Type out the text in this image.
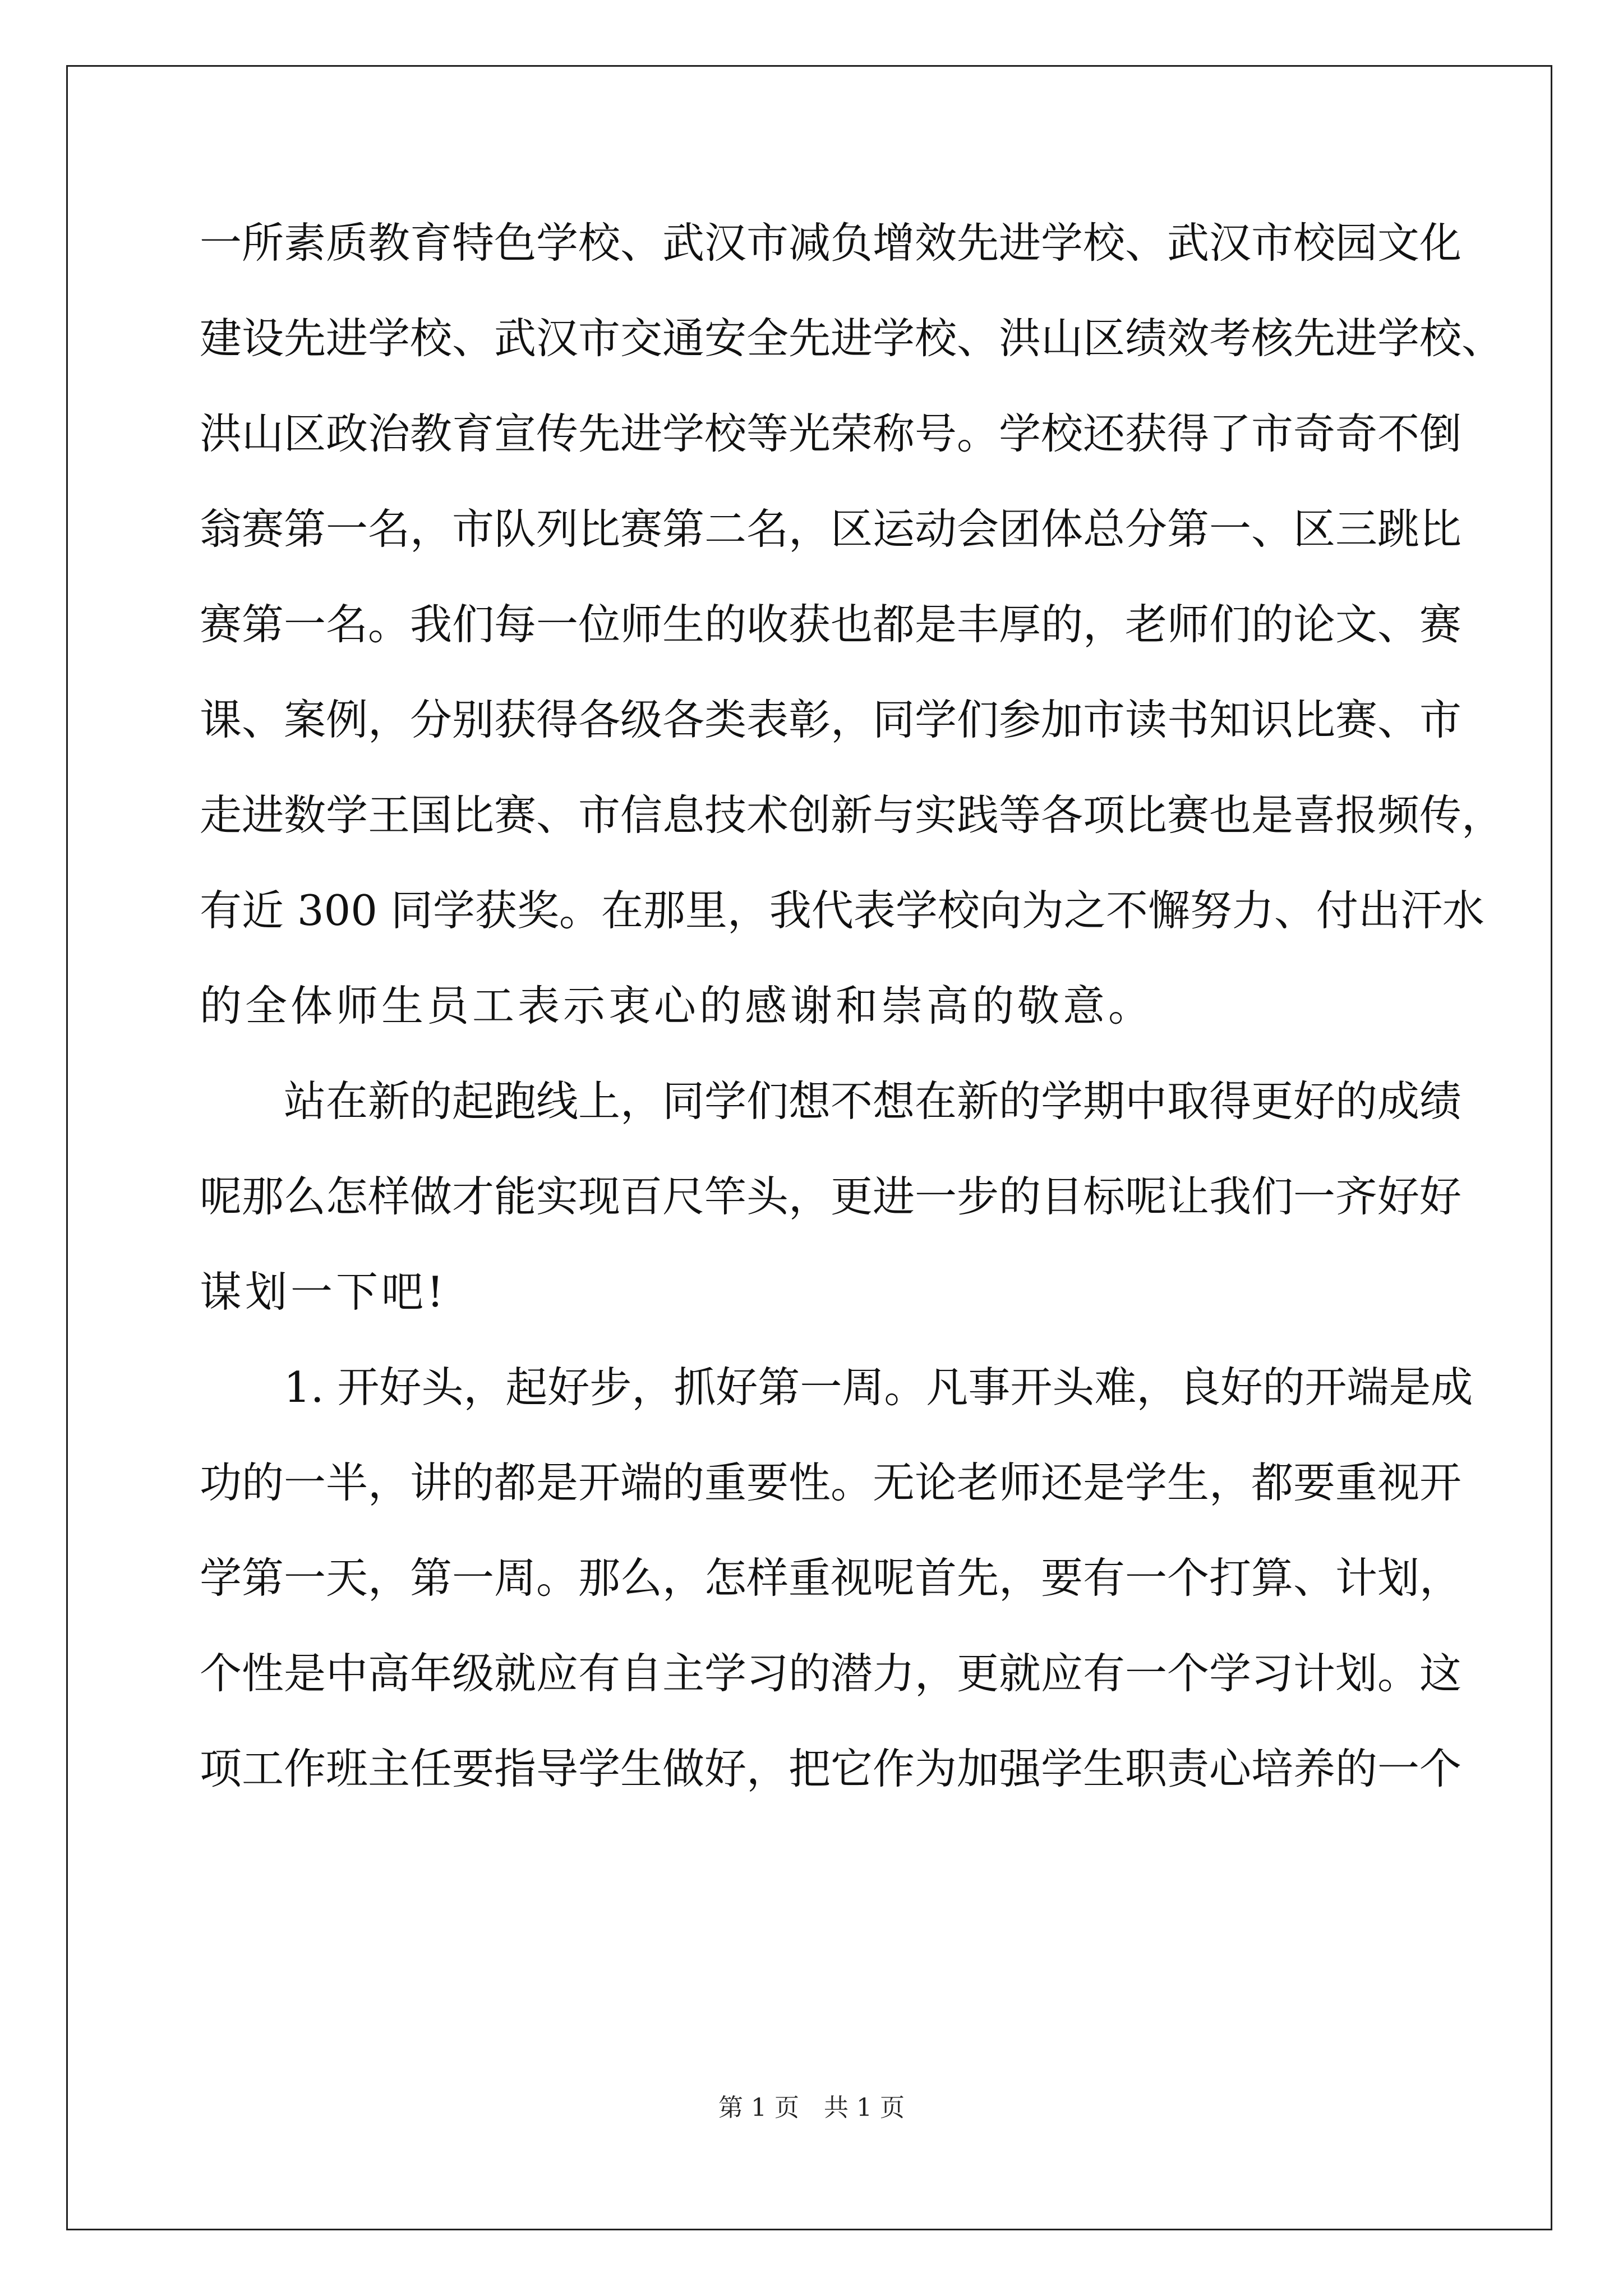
一所素质教育特色学校、武汉市减负增效先进学校、武汉市校园文化
建设先进学校、武汉市交通安全先进学校、洪山区绩效考核先进学校、
洪山区政治教育宣传先进学校等光荣称号。学校还获得了市奇奇不倒
翁赛第一名，市队列比赛第二名，区运动会团体总分第一、区三跳比
赛第一名。我们每一位师生的收获也都是丰厚的，老师们的论文、赛
课、案例，分别获得各级各类表彰，同学们参加市读书知识比赛、市
走进数学王国比赛、市信息技术创新与实践等各项比赛也是喜报频传，
有近 300 同学获奖。在那里，我代表学校向为之不懈努力、付出汗水
的全体师生员工表示衷心的感谢和崇高的敬意。
站在新的起跑线上，同学们想不想在新的学期中取得更好的成绩
呢那么怎样做才能实现百尺竿头，更进一步的目标呢让我们一齐好好
谋划一下吧!
1. 开好头，起好步，抓好第一周。凡事开头难，良好的开端是成
功的一半，讲的都是开端的重要性。无论老师还是学生，都要重视开
学第一天，第一周。那么，怎样重视呢首先，要有一个打算、计划，
个性是中高年级就应有自主学习的潜力，更就应有一个学习计划。这
项工作班主任要指导学生做好，把它作为加强学生职责心培养的一个
第 1 页　共 1 页
